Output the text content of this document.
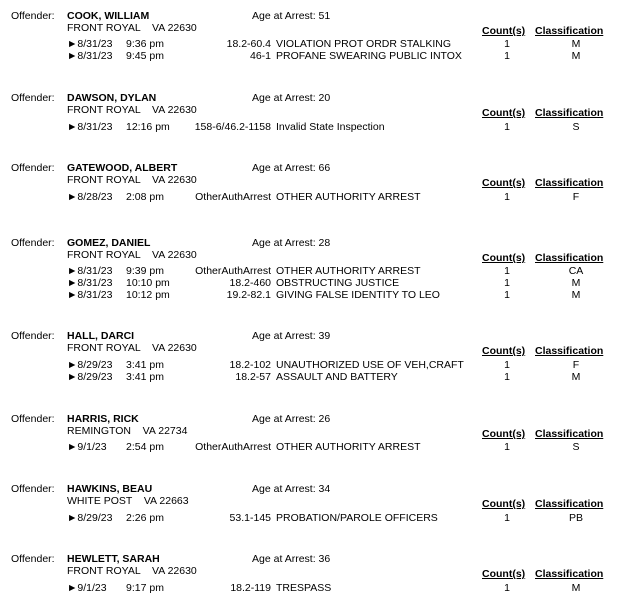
Offender: COOK, WILLIAM	Age at Arrest: 51
FRONT ROYAL VA 22630	Count(s) Classification
►8/31/23 9:36 pm	18.2-60.4 VIOLATION PROT ORDR STALKING	1	M
►8/31/23 9:45 pm	46-1 PROFANE SWEARING PUBLIC INTOX	1	M
Offender: DAWSON, DYLAN	Age at Arrest: 20
FRONT ROYAL VA 22630	Count(s) Classification
►8/31/23 12:16 pm 158-6/46.2-1158 Invalid State Inspection	1	S
Offender: GATEWOOD, ALBERT	Age at Arrest: 66
FRONT ROYAL VA 22630	Count(s) Classification
►8/28/23 2:08 pm	OtherAuthArrest OTHER AUTHORITY ARREST	1	F
Offender: GOMEZ, DANIEL	Age at Arrest: 28
FRONT ROYAL VA 22630	Count(s) Classification
►8/31/23 9:39 pm	OtherAuthArrest OTHER AUTHORITY ARREST	1	CA
►8/31/23 10:10 pm	18.2-460 OBSTRUCTING JUSTICE	1	M
►8/31/23 10:12 pm	19.2-82.1 GIVING FALSE IDENTITY TO LEO	1	M
Offender: HALL, DARCI	Age at Arrest: 39
FRONT ROYAL VA 22630	Count(s) Classification
►8/29/23 3:41 pm	18.2-102 UNAUTHORIZED USE OF VEH,CRAFT	1	F
►8/29/23 3:41 pm	18.2-57 ASSAULT AND BATTERY	1	M
Offender: HARRIS, RICK	Age at Arrest: 26
REMINGTON VA 22734	Count(s) Classification
►9/1/23 2:54 pm	OtherAuthArrest OTHER AUTHORITY ARREST	1	S
Offender: HAWKINS, BEAU	Age at Arrest: 34
WHITE POST VA 22663	Count(s) Classification
►8/29/23 2:26 pm	53.1-145 PROBATION/PAROLE OFFICERS	1	PB
Offender: HEWLETT, SARAH	Age at Arrest: 36
FRONT ROYAL VA 22630	Count(s) Classification
►9/1/23 9:17 pm	18.2-119 TRESPASS	1	M
